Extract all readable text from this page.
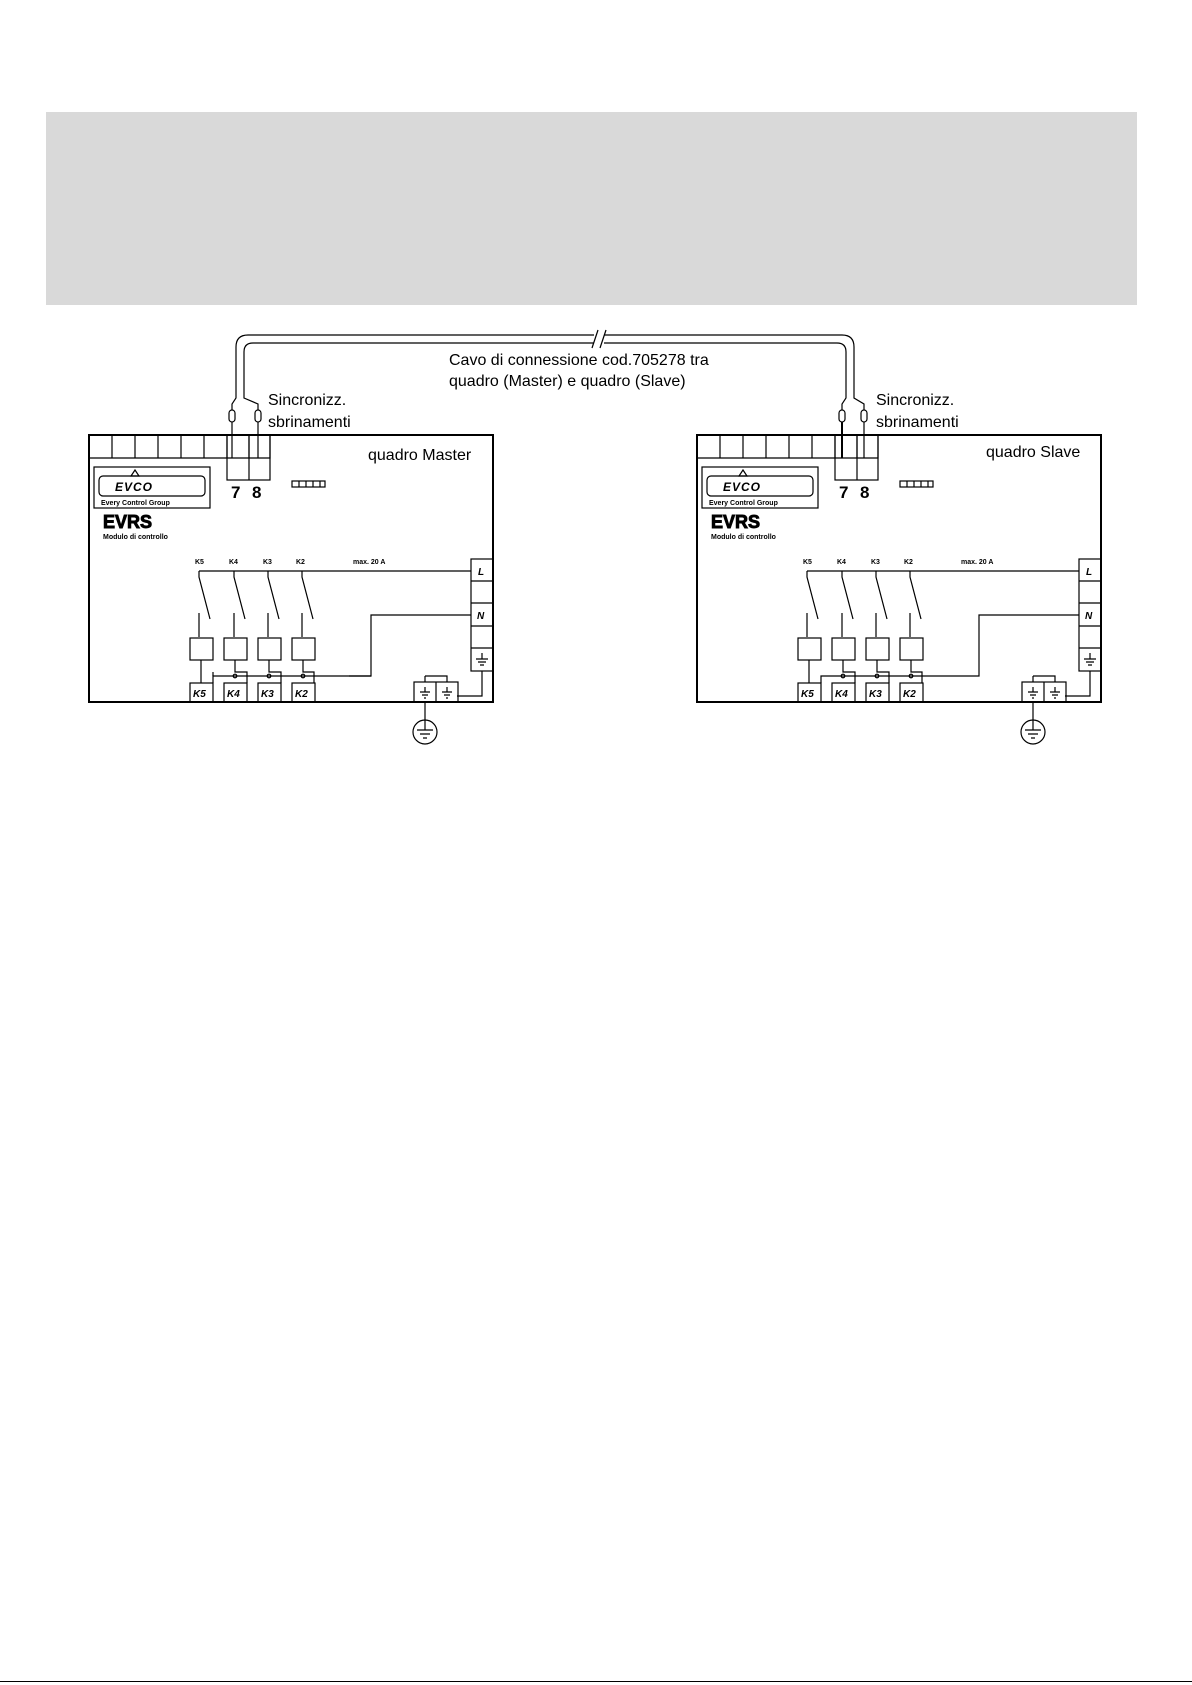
Cavo di connessione cod.705278 tra
quadro (Master) e quadro (Slave)
Sincronizz.
sbrinamenti
7 8
quadro Master
EVCO
Every Control Group
EVRS
Modulo di controllo
K5	K4	K3	K2	max. 20 A
K5 K4 K3 K2
L
N
Sincronizz.
sbrinamenti
7 8
quadro Slave
EVCO
Every Control Group
EVRS
Modulo di controllo
K5	K4	K3	K2	max. 20 A
K5 K4 K3 K2
L
N
